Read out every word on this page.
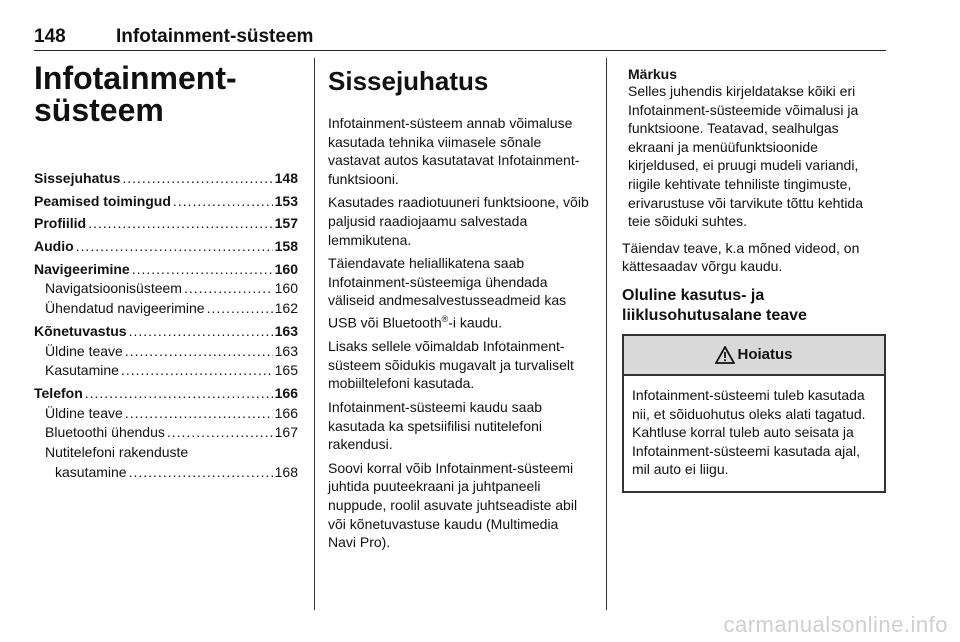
148	Infotainment-süsteem
Infotainment-
süsteem
Sissejuhatus .....	148
Peamised toimingud .....	153
Profiilid .....	157
Audio .....	158
Navigeerimine .....	160
Navigatsioonisüsteem .....	160
Ühendatud navigeerimine .....	162
Kõnetuvastus .....	163
Üldine teave .....	163
Kasutamine .....	165
Telefon .....	166
Üldine teave .....	166
Bluetoothi ühendus .....	167
Nutitelefoni rakenduste
kasutamine .....	168
Sissejuhatus

Infotainment-süsteem annab võimaluse kasutada tehnika viimasele sõnale vastavat autos kasutatavat Infotainment-funktsiooni.

Kasutades raadiotuuneri funktsioone, võib paljusid raadiojaamu salvestada lemmikutena.

Täiendavate heliallikatena saab Infotainment-süsteemiga ühendada väliseid andmesalvestusseadmeid kas USB või Bluetooth®-i kaudu.

Lisaks sellele võimaldab Infotainment-süsteem sõidukis mugavalt ja turvaliselt mobiiltelefoni kasutada.

Infotainment-süsteemi kaudu saab kasutada ka spetsiifilisi nutitelefoni rakendusi.

Soovi korral võib Infotainment-süsteemi juhtida puuteekraani ja juhtpaneeli nuppude, roolil asuvate juhtseadiste abil või kõnetuvastuse kaudu (Multimedia Navi Pro).

Märkus
Selles juhendis kirjeldatakse kõiki eri Infotainment-süsteemide võimalusi ja funktsioone. Teatavad, sealhulgas ekraani ja menüüfunktsioonide kirjeldused, ei pruugi mudeli variandi, riigile kehtivate tehniliste tingimuste, erivarustuse või tarvikute tõttu kehtida teie sõiduki suhtes.

Täiendav teave, k.a mõned videod, on kättesaadav võrgu kaudu.

Oluline kasutus- ja
liiklusohutusalane teave
Hoiatus
Infotainment-süsteemi tuleb kasutada nii, et sõiduohutus oleks alati tagatud. Kahtluse korral tuleb auto seisata ja Infotainment-süsteemi kasutada ajal, mil auto ei liigu.
carmanualsonline.info
